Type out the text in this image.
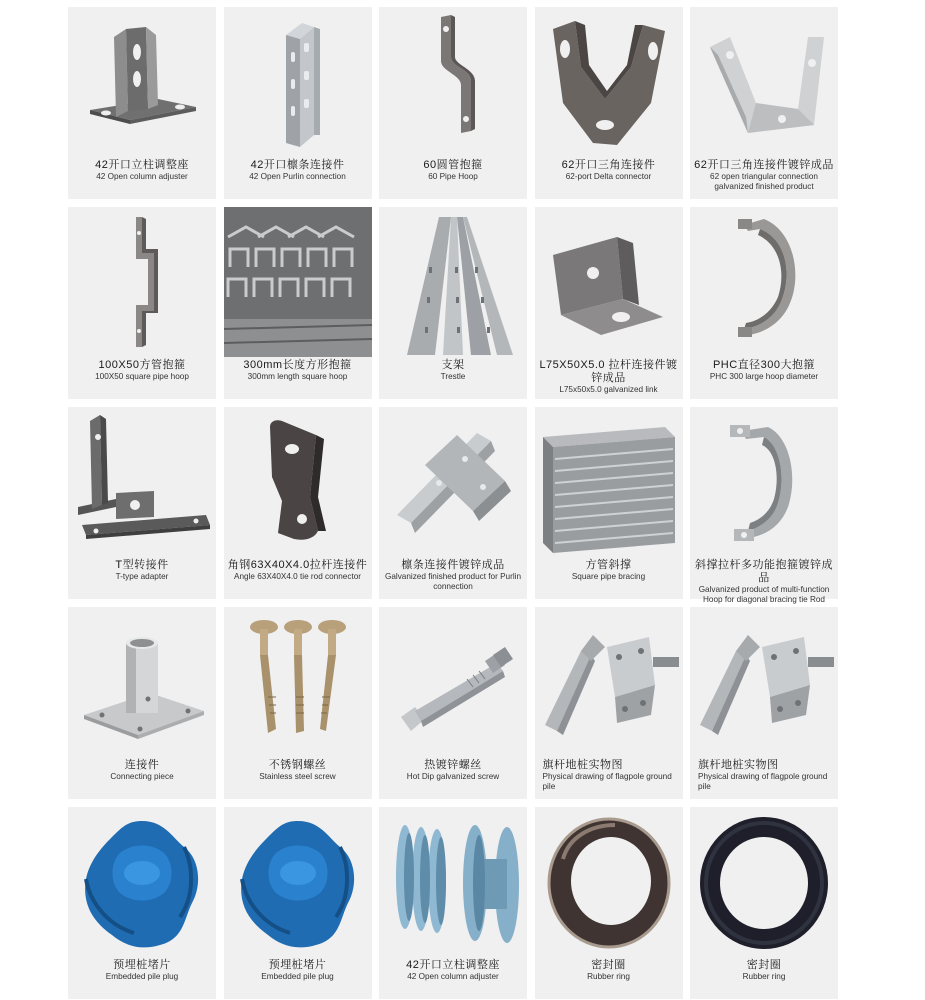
42开口立柱调整座
42 Open column adjuster
42开口檩条连接件
42 Open Purlin connection
60圆管抱箍
60 Pipe Hoop
62开口三角连接件
62-port Delta connector
62开口三角连接件镀锌成品
62 open triangular connection galvanized finished product
100X50方管抱箍
100X50 square pipe hoop
300mm长度方形抱箍
300mm length square hoop
支架
Trestle
L75X50X5.0 拉杆连接件镀锌成品
L75x50x5.0 galvanized link
PHC直径300大抱箍
PHC 300 large hoop diameter
T型转接件
T-type adapter
角钢63X40X4.0拉杆连接件
Angle 63X40X4.0 tie rod connector
檩条连接件镀锌成品
Galvanized finished product for Purlin connection
方管斜撑
Square pipe bracing
斜撑拉杆多功能抱箍镀锌成品
Galvanized product of multi-function Hoop for diagonal bracing tie Rod
连接件
Connecting piece
不锈钢螺丝
Stainless steel screw
热镀锌螺丝
Hot Dip galvanized screw
旗杆地桩实物图
Physical drawing of flagpole ground pile
旗杆地桩实物图
Physical drawing of flagpole ground pile
预埋桩堵片
Embedded pile plug
预埋桩堵片
Embedded pile plug
42开口立柱调整座
42 Open column adjuster
密封圈
Rubber ring
密封圈
Rubber ring
